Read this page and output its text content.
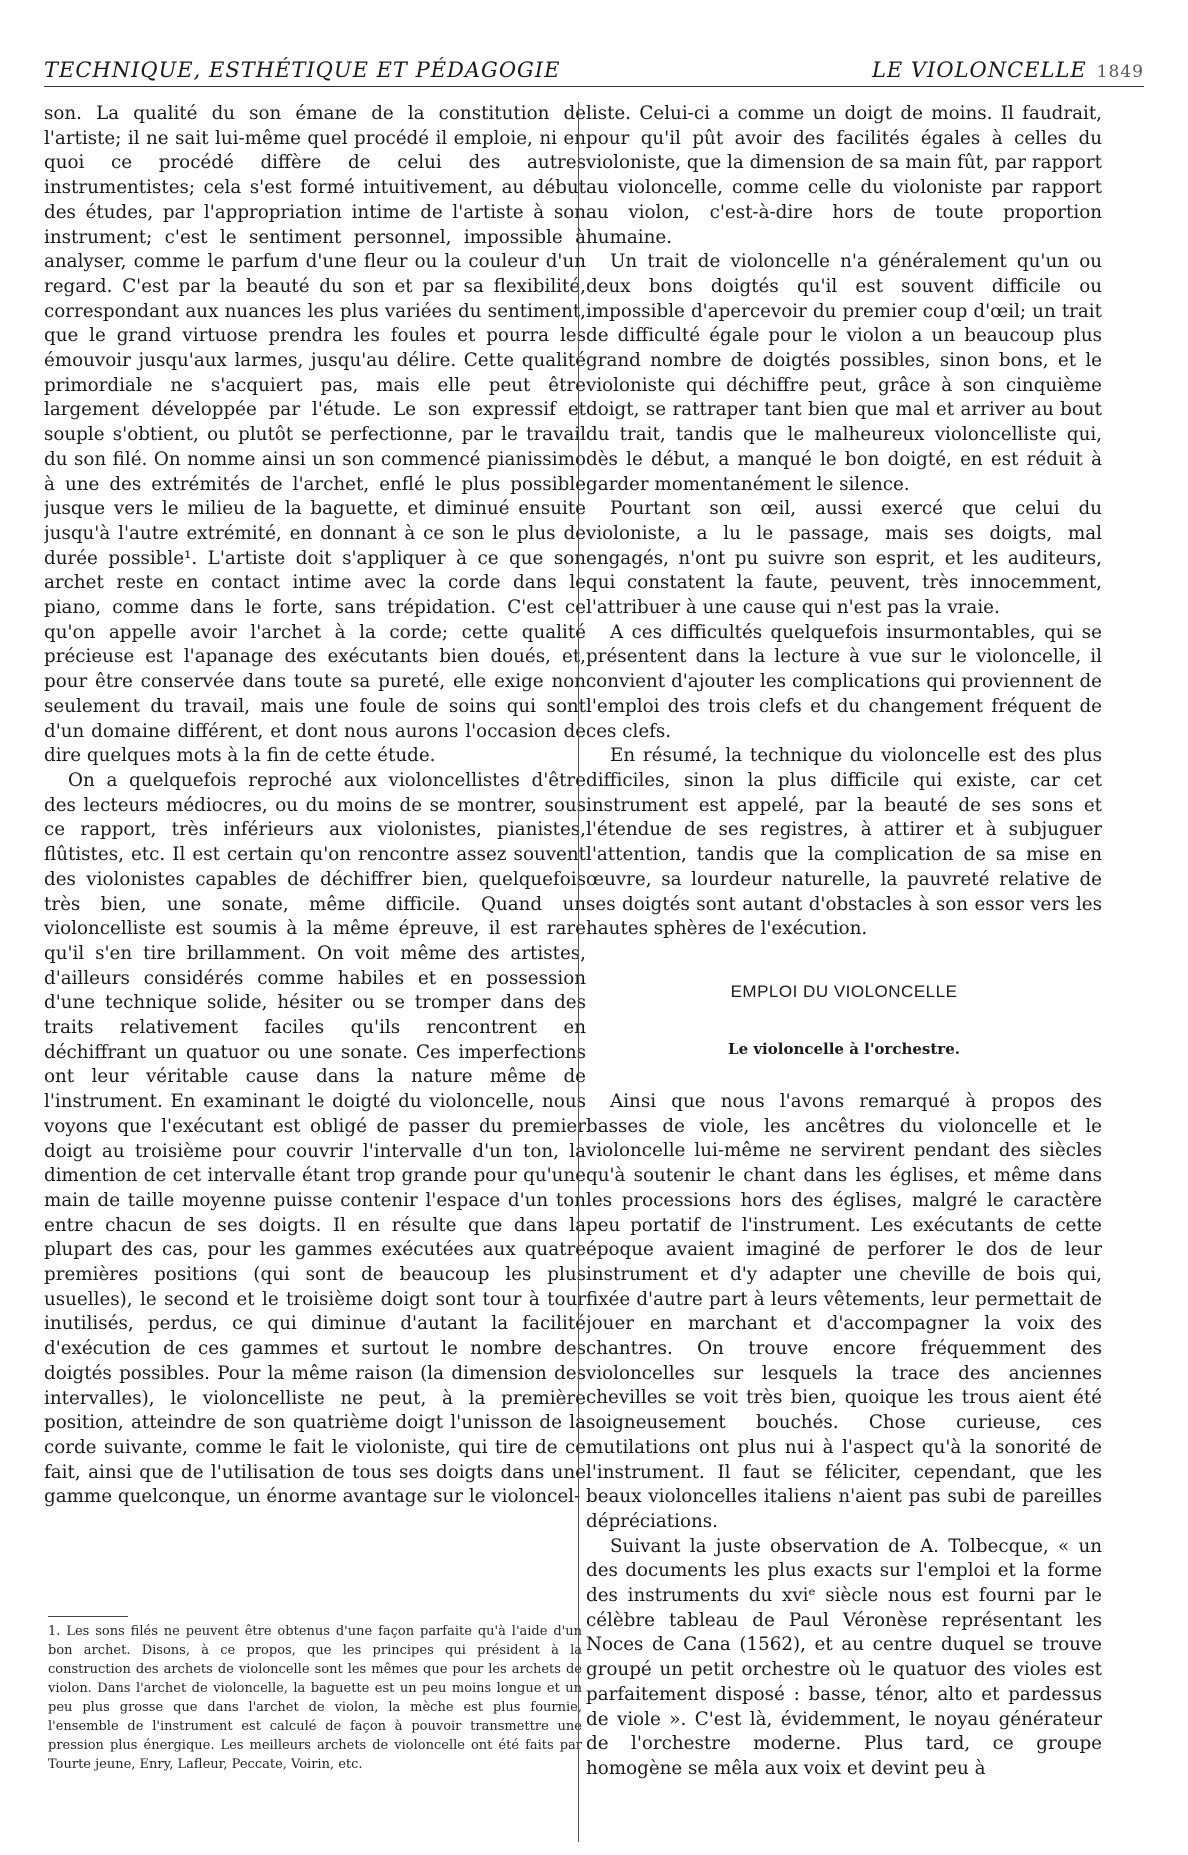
TECHNIQUE, ESTHÉTIQUE ET PÉDAGOGIE	LE VIOLONCELLE 1849

son. La qualité du son émane de la constitution de l'artiste; il ne sait lui-même quel procédé il emploie, ni en quoi ce procédé diffère de celui des autres instrumentistes; cela s'est formé intuitivement, au début des études, par l'appropriation intime de l'artiste à son instrument; c'est le sentiment personnel, impossible à analyser, comme le parfum d'une fleur ou la couleur d'un regard. C'est par la beauté du son et par sa flexibilité, correspondant aux nuances les plus variées du sentiment, que le grand virtuose prendra les foules et pourra les émouvoir jusqu'aux larmes, jusqu'au délire. Cette qualité primordiale ne s'acquiert pas, mais elle peut être largement développée par l'étude. Le son expressif et souple s'obtient, ou plutôt se perfectionne, par le travail du son filé. On nomme ainsi un son commencé pianissimo à une des extrémités de l'archet, enflé le plus possible jusque vers le milieu de la baguette, et diminué ensuite jusqu'à l'autre extrémité, en donnant à ce son le plus de durée possible¹. L'artiste doit s'appliquer à ce que son archet reste en contact intime avec la corde dans le piano, comme dans le forte, sans trépidation. C'est ce qu'on appelle avoir l'archet à la corde; cette qualité précieuse est l'apanage des exécutants bien doués, et, pour être conservée dans toute sa pureté, elle exige non seulement du travail, mais une foule de soins qui sont d'un domaine différent, et dont nous aurons l'occasion de dire quelques mots à la fin de cette étude.

On a quelquefois reproché aux violoncellistes d'être des lecteurs médiocres, ou du moins de se montrer, sous ce rapport, très inférieurs aux violonistes, pianistes, flûtistes, etc. Il est certain qu'on rencontre assez souvent des violonistes capables de déchiffrer bien, quelquefois très bien, une sonate, même difficile. Quand un violoncelliste est soumis à la même épreuve, il est rare qu'il s'en tire brillamment. On voit même des artistes, d'ailleurs considérés comme habiles et en possession d'une technique solide, hésiter ou se tromper dans des traits relativement faciles qu'ils rencontrent en déchiffrant un quatuor ou une sonate. Ces imperfections ont leur véritable cause dans la nature même de l'instrument. En examinant le doigté du violoncelle, nous voyons que l'exécutant est obligé de passer du premier doigt au troisième pour couvrir l'intervalle d'un ton, la dimention de cet intervalle étant trop grande pour qu'une main de taille moyenne puisse contenir l'espace d'un ton entre chacun de ses doigts. Il en résulte que dans la plupart des cas, pour les gammes exécutées aux quatre premières positions (qui sont de beaucoup les plus usuelles), le second et le troisième doigt sont tour à tour inutilisés, perdus, ce qui diminue d'autant la facilité d'exécution de ces gammes et surtout le nombre des doigtés possibles. Pour la même raison (la dimension des intervalles), le violoncelliste ne peut, à la première position, atteindre de son quatrième doigt l'unisson de la corde suivante, comme le fait le violoniste, qui tire de ce fait, ainsi que de l'utilisation de tous ses doigts dans une gamme quelconque, un énorme avantage sur le violoncel-

1. Les sons filés ne peuvent être obtenus d'une façon parfaite qu'à l'aide d'un bon archet. Disons, à ce propos, que les principes qui président à la construction des archets de violoncelle sont les mêmes que pour les archets de violon. Dans l'archet de violoncelle, la baguette est un peu moins longue et un peu plus grosse que dans l'archet de violon, la mèche est plus fournie, l'ensemble de l'instrument est calculé de façon à pouvoir transmettre une pression plus énergique. Les meilleurs archets de violoncelle ont été faits par Tourte jeune, Enry, Lafleur, Peccate, Voirin, etc.

liste. Celui-ci a comme un doigt de moins. Il faudrait, pour qu'il pût avoir des facilités égales à celles du violoniste, que la dimension de sa main fût, par rapport au violoncelle, comme celle du violoniste par rapport au violon, c'est-à-dire hors de toute proportion humaine.

Un trait de violoncelle n'a généralement qu'un ou deux bons doigtés qu'il est souvent difficile ou impossible d'apercevoir du premier coup d'œil; un trait de difficulté égale pour le violon a un beaucoup plus grand nombre de doigtés possibles, sinon bons, et le violoniste qui déchiffre peut, grâce à son cinquième doigt, se rattraper tant bien que mal et arriver au bout du trait, tandis que le malheureux violoncelliste qui, dès le début, a manqué le bon doigté, en est réduit à garder momentanément le silence.

Pourtant son œil, aussi exercé que celui du violoniste, a lu le passage, mais ses doigts, mal engagés, n'ont pu suivre son esprit, et les auditeurs, qui constatent la faute, peuvent, très innocemment, l'attribuer à une cause qui n'est pas la vraie.

A ces difficultés quelquefois insurmontables, qui se présentent dans la lecture à vue sur le violoncelle, il convient d'ajouter les complications qui proviennent de l'emploi des trois clefs et du changement fréquent de ces clefs.

En résumé, la technique du violoncelle est des plus difficiles, sinon la plus difficile qui existe, car cet instrument est appelé, par la beauté de ses sons et l'étendue de ses registres, à attirer et à subjuguer l'attention, tandis que la complication de sa mise en œuvre, sa lourdeur naturelle, la pauvreté relative de ses doigtés sont autant d'obstacles à son essor vers les hautes sphères de l'exécution.

EMPLOI DU VIOLONCELLE
Le violoncelle à l'orchestre.

Ainsi que nous l'avons remarqué à propos des basses de viole, les ancêtres du violoncelle et le violoncelle lui-même ne servirent pendant des siècles qu'à soutenir le chant dans les églises, et même dans les processions hors des églises, malgré le caractère peu portatif de l'instrument. Les exécutants de cette époque avaient imaginé de perforer le dos de leur instrument et d'y adapter une cheville de bois qui, fixée d'autre part à leurs vêtements, leur permettait de jouer en marchant et d'accompagner la voix des chantres. On trouve encore fréquemment des violoncelles sur lesquels la trace des anciennes chevilles se voit très bien, quoique les trous aient été soigneusement bouchés. Chose curieuse, ces mutilations ont plus nui à l'aspect qu'à la sonorité de l'instrument. Il faut se féliciter, cependant, que les beaux violoncelles italiens n'aient pas subi de pareilles dépréciations.

Suivant la juste observation de A. Tolbecque, « un des documents les plus exacts sur l'emploi et la forme des instruments du xviᵉ siècle nous est fourni par le célèbre tableau de Paul Véronèse représentant les Noces de Cana (1562), et au centre duquel se trouve groupé un petit orchestre où le quatuor des violes est parfaitement disposé : basse, ténor, alto et pardessus de viole ». C'est là, évidemment, le noyau générateur de l'orchestre moderne. Plus tard, ce groupe homogène se mêla aux voix et devint peu à
